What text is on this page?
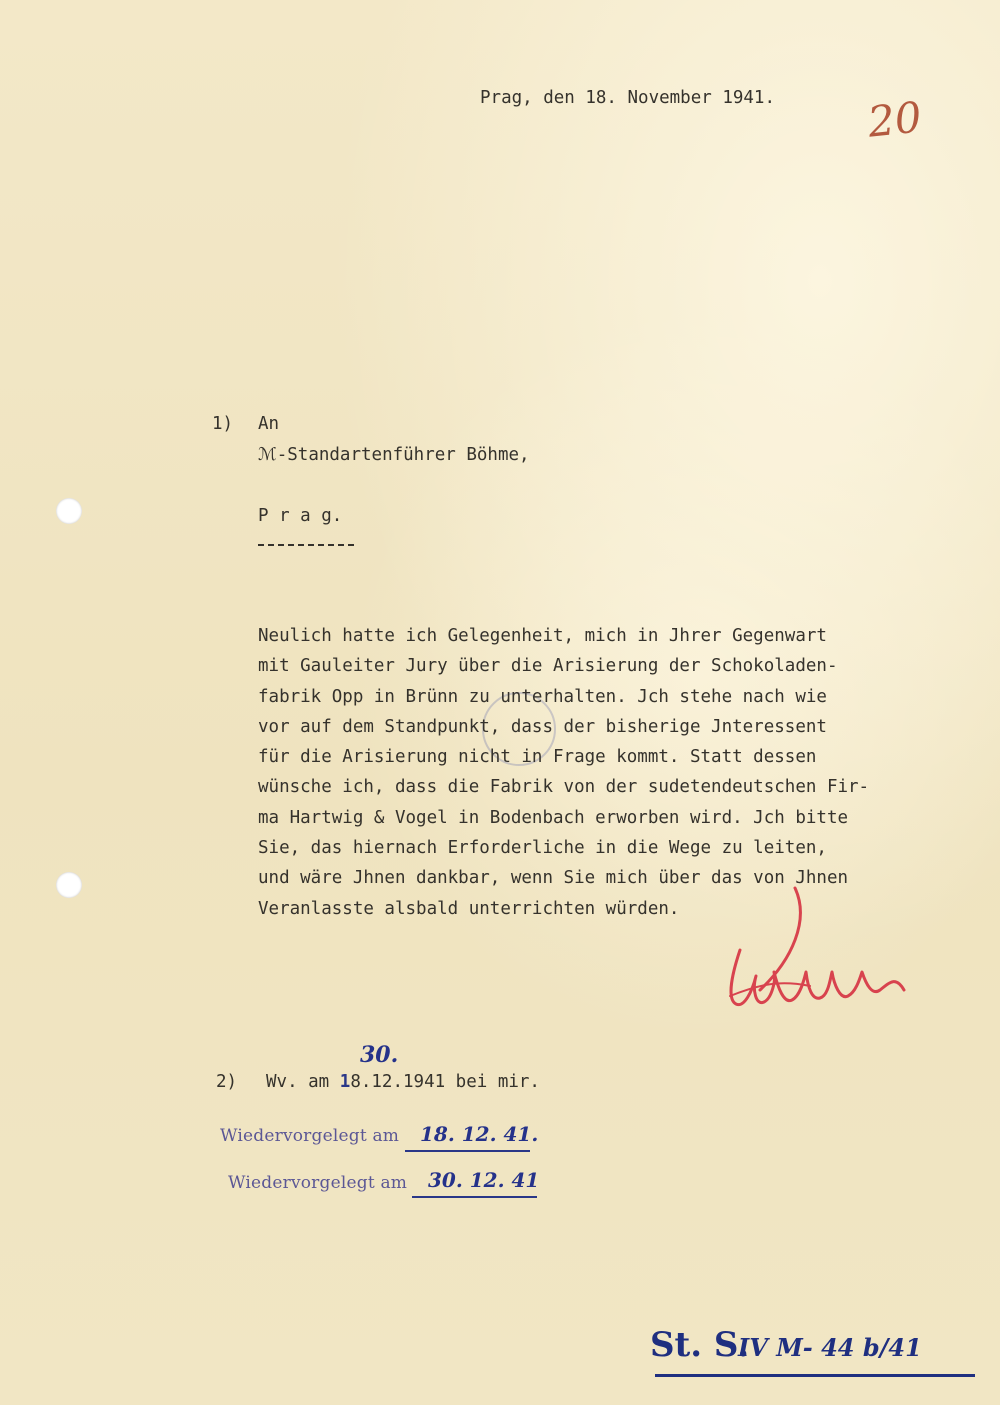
Prag, den 18. November 1941. 20
1) An
ℳ-Standartenführer Böhme,
P r a g.
Neulich hatte ich Gelegenheit, mich in Jhrer Gegenwart
mit Gauleiter Jury über die Arisierung der Schokoladen-
fabrik Opp in Brünn zu unterhalten. Jch stehe nach wie
vor auf dem Standpunkt, dass der bisherige Jnteressent
für die Arisierung nicht in Frage kommt. Statt dessen
wünsche ich, dass die Fabrik von der sudetendeutschen Fir-
ma Hartwig & Vogel in Bodenbach erworben wird. Jch bitte
Sie, das hiernach Erforderliche in die Wege zu leiten,
und wäre Jhnen dankbar, wenn Sie mich über das von Jhnen
Veranlasste alsbald unterrichten würden.
2) Wv. am 18.12.1941 bei mir.
30.
Wiedervorgelegt am 18. 12. 41.
Wiedervorgelegt am 30. 12. 41
St. S.
IV M- 44 b/41
